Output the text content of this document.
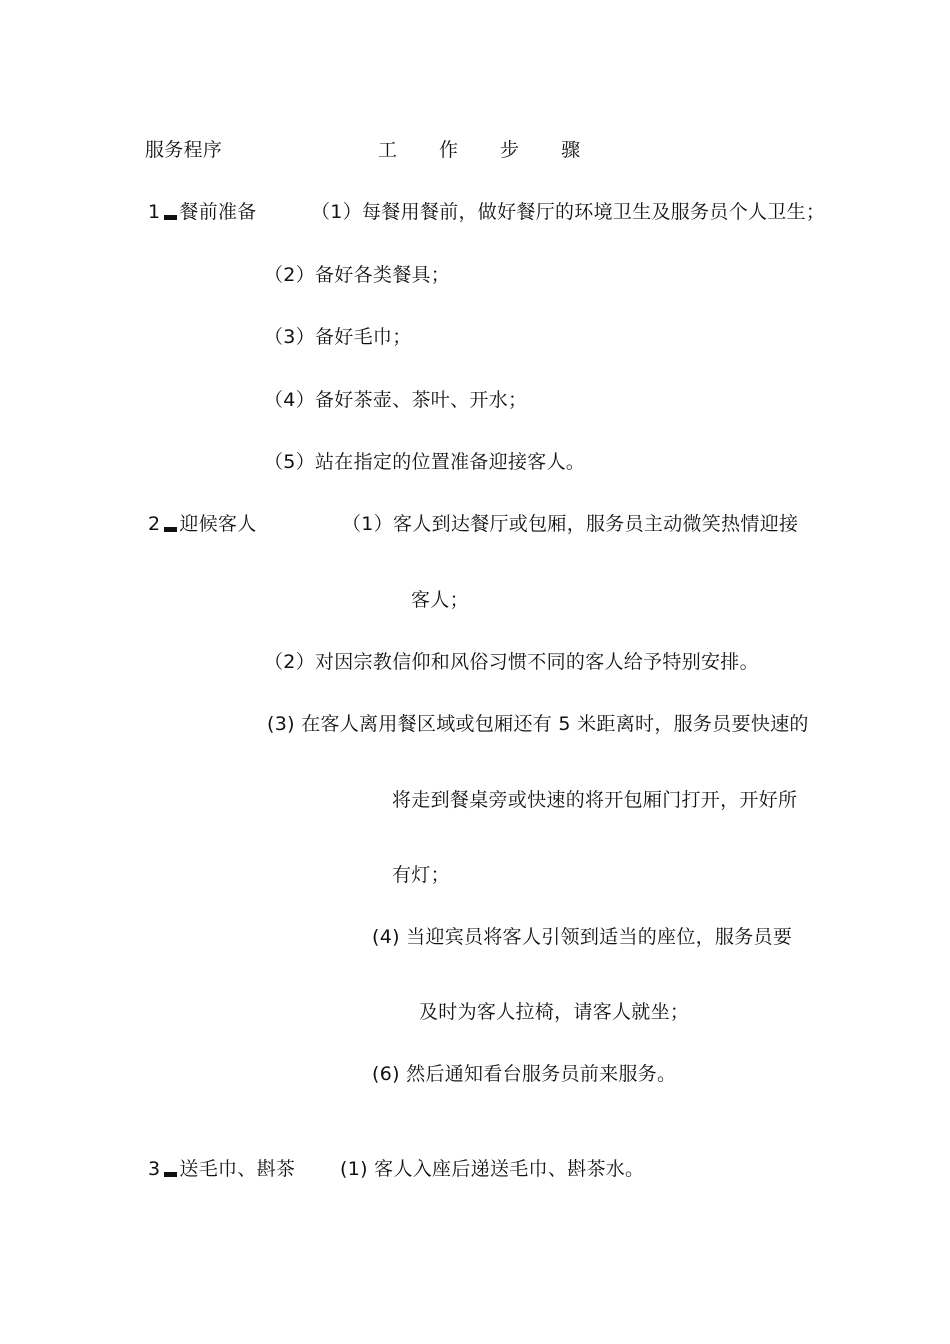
服务程序	工 作 步 骤
1 餐前准备	（1）每餐用餐前，做好餐厅的环境卫生及服务员个人卫生；
（2）备好各类餐具；
（3）备好毛巾；
（4）备好茶壶、茶叶、开水；
（5）站在指定的位置准备迎接客人。
2 迎候客人	（1）客人到达餐厅或包厢，服务员主动微笑热情迎接
客人；
（2）对因宗教信仰和风俗习惯不同的客人给予特别安排。
(3) 在客人离用餐区域或包厢还有 5 米距离时，服务员要快速的
将走到餐桌旁或快速的将开包厢门打开，开好所
有灯；
(4) 当迎宾员将客人引领到适当的座位，服务员要
及时为客人拉椅，请客人就坐；
(6) 然后通知看台服务员前来服务。
3 送毛巾、斟茶 (1) 客人入座后递送毛巾、斟茶水。
